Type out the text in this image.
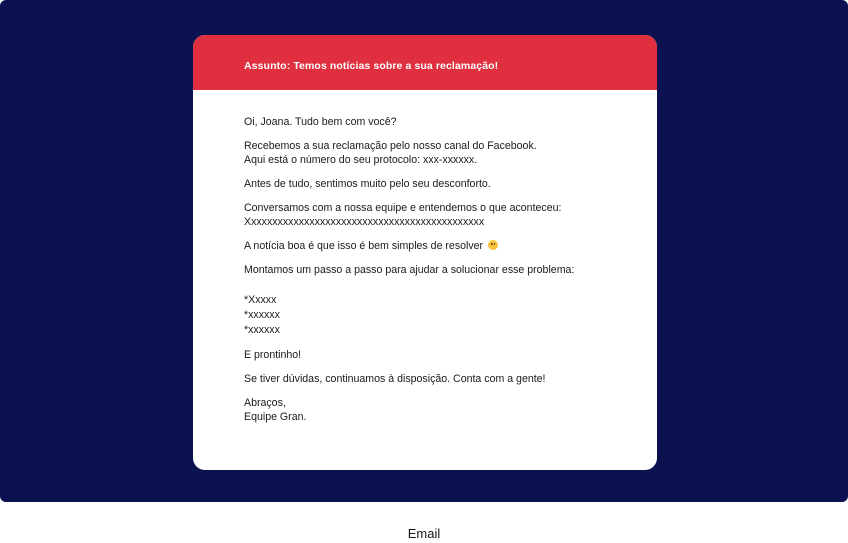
Assunto: Temos notícias sobre a sua reclamação!

Oi, Joana. Tudo bem com você?

Recebemos a sua reclamação pelo nosso canal do Facebook.
Aqui está o número do seu protocolo: xxx-xxxxxx.

Antes de tudo, sentimos muito pelo seu desconforto.

Conversamos com a nossa equipe e entendemos o que aconteceu:
Xxxxxxxxxxxxxxxxxxxxxxxxxxxxxxxxxxxxxxxxxxxxx

A notícia boa é que isso é bem simples de resolver

Montamos um passo a passo para ajudar a solucionar esse problema:

*Xxxxx
*xxxxxx
*xxxxxx

E prontinho!

Se tiver dúvidas, continuamos à disposição. Conta com a gente!

Abraços,
Equipe Gran.

Email
